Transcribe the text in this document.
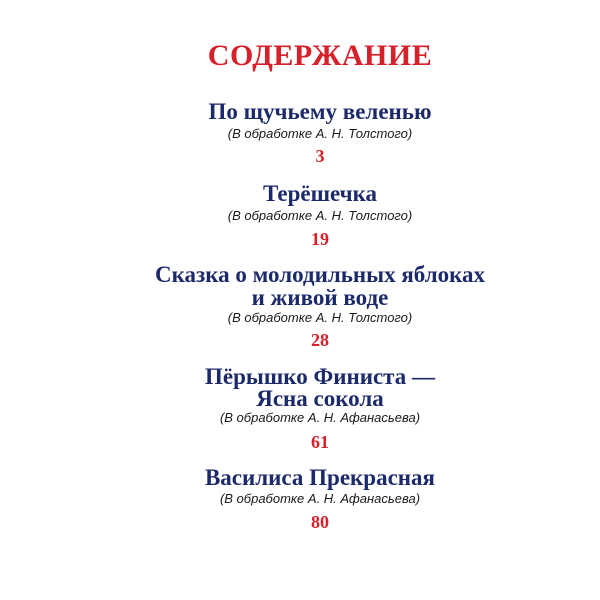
СОДЕРЖАНИЕ
По щучьему веленью
(В обработке А. Н. Толстого)
3
Терёшечка
(В обработке А. Н. Толстого)
19
Сказка о молодильных яблоках
и живой воде
(В обработке А. Н. Толстого)
28
Пёрышко Финиста —
Ясна сокола
(В обработке А. Н. Афанасьева)
61
Василиса Прекрасная
(В обработке А. Н. Афанасьева)
80
